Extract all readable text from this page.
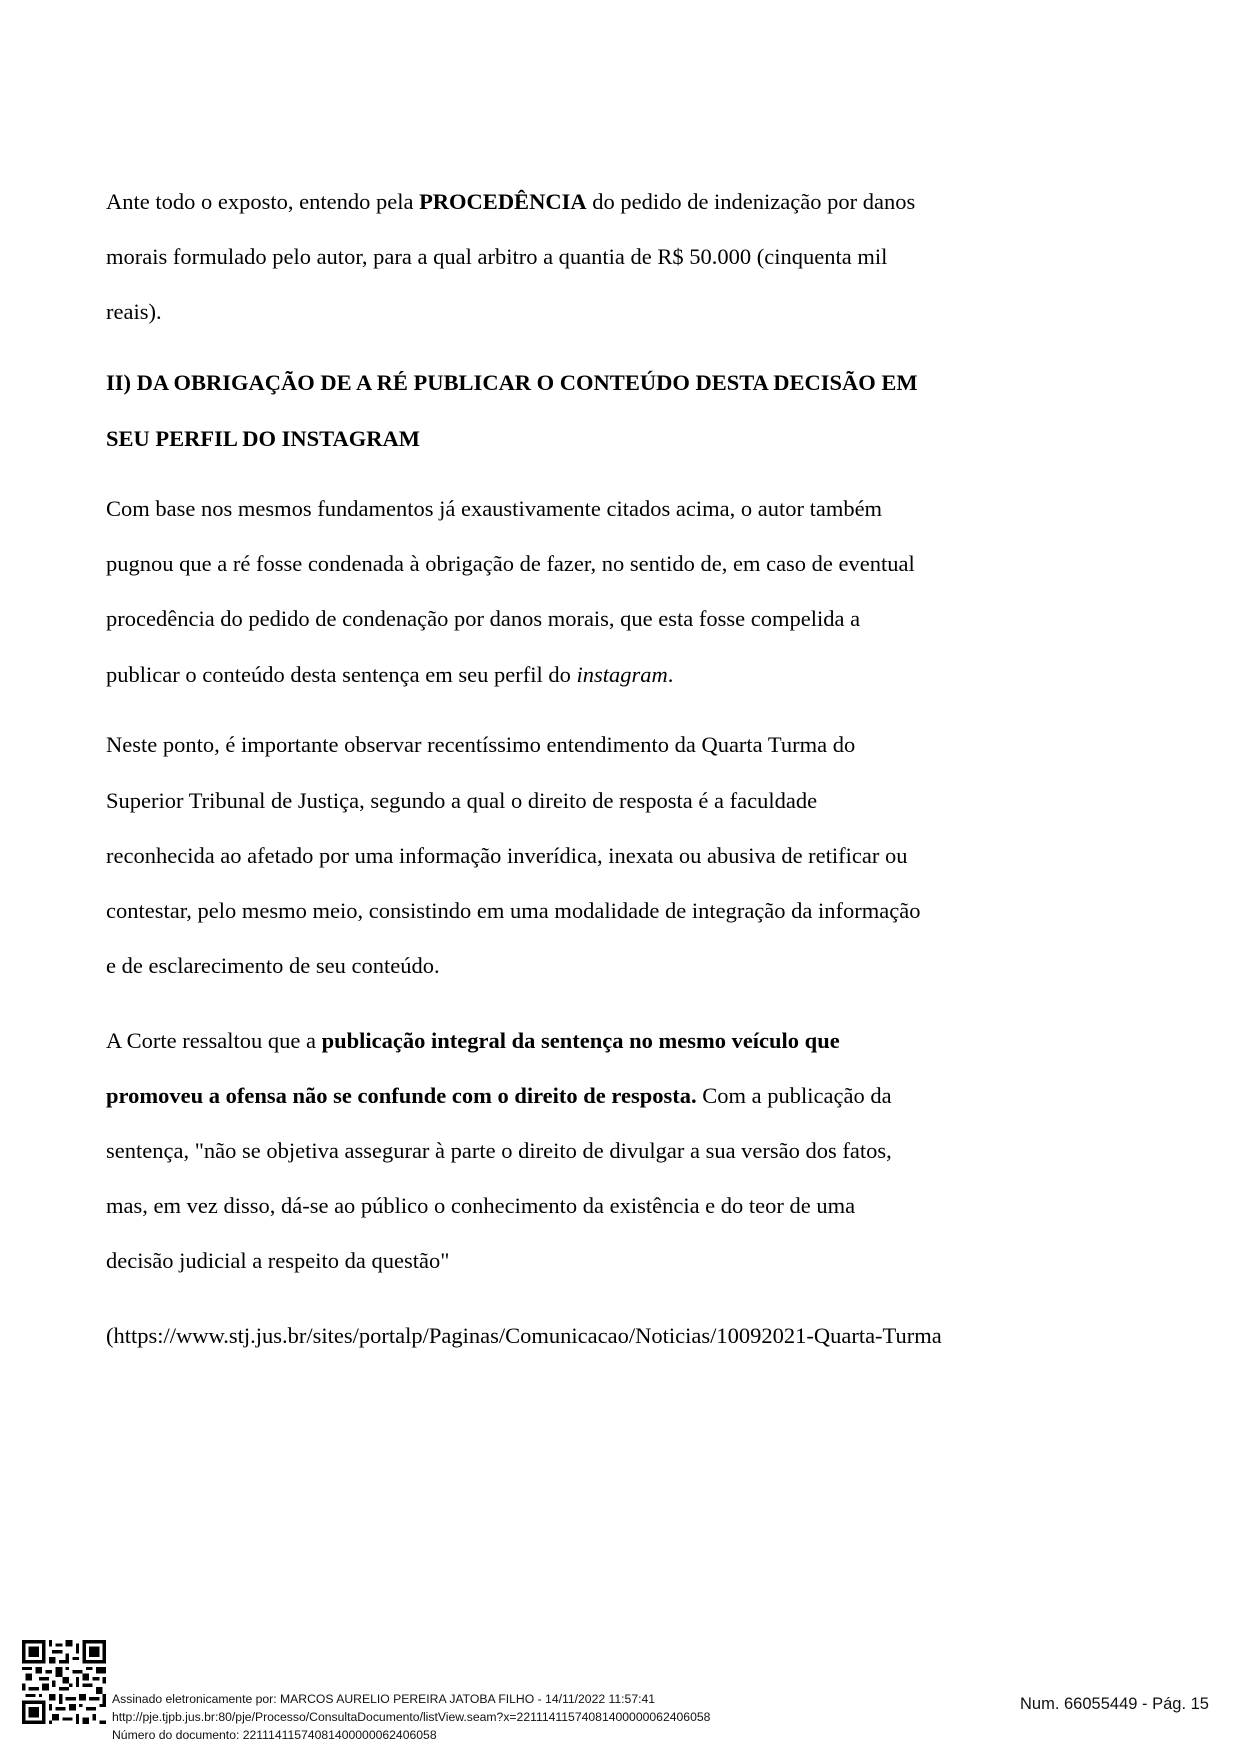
Ante todo o exposto, entendo pela PROCEDÊNCIA do pedido de indenização por danos
morais formulado pelo autor, para a qual arbitro a quantia de R$ 50.000 (cinquenta mil
reais).
II) DA OBRIGAÇÃO DE A RÉ PUBLICAR O CONTEÚDO DESTA DECISÃO EM
SEU PERFIL DO INSTAGRAM
Com base nos mesmos fundamentos já exaustivamente citados acima, o autor também
pugnou que a ré fosse condenada à obrigação de fazer, no sentido de, em caso de eventual
procedência do pedido de condenação por danos morais, que esta fosse compelida a
publicar o conteúdo desta sentença em seu perfil do instagram.
Neste ponto, é importante observar recentíssimo entendimento da Quarta Turma do
Superior Tribunal de Justiça, segundo a qual o direito de resposta é a faculdade
reconhecida ao afetado por uma informação inverídica, inexata ou abusiva de retificar ou
contestar, pelo mesmo meio, consistindo em uma modalidade de integração da informação
e de esclarecimento de seu conteúdo.
A Corte ressaltou que a publicação integral da sentença no mesmo veículo que
promoveu a ofensa não se confunde com o direito de resposta. Com a publicação da
sentença, "não se objetiva assegurar à parte o direito de divulgar a sua versão dos fatos,
mas, em vez disso, dá-se ao público o conhecimento da existência e do teor de uma
decisão judicial a respeito da questão"
(https://www.stj.jus.br/sites/portalp/Paginas/Comunicacao/Noticias/10092021-Quarta-Turma
Assinado eletronicamente por: MARCOS AURELIO PEREIRA JATOBA FILHO - 14/11/2022 11:57:41
http://pje.tjpb.jus.br:80/pje/Processo/ConsultaDocumento/listView.seam?x=22111411574081400000062406058
Número do documento: 22111411574081400000062406058
Num. 66055449 - Pág. 15
